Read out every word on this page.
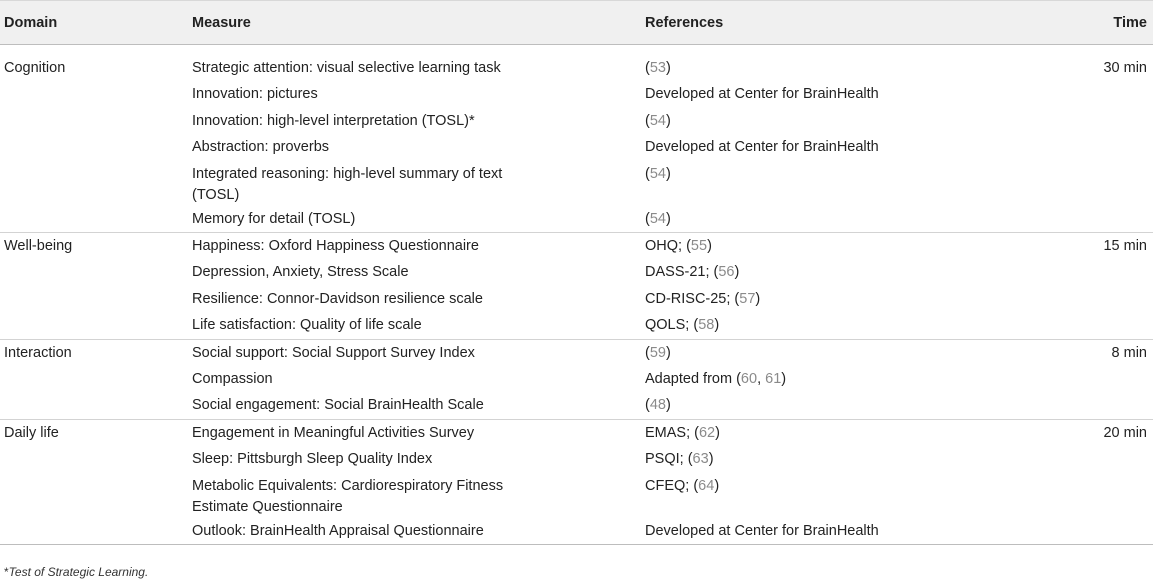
Domain	Measure	References	Time
Cognition	Strategic attention: visual selective learning task	(53)	30 min
	Innovation: pictures	Developed at Center for BrainHealth	
	Innovation: high-level interpretation (TOSL)*	(54)	
	Abstraction: proverbs	Developed at Center for BrainHealth	

	Integrated reasoning: high-level summary of text (TOSL)	(54)	
	Memory for detail (TOSL)	(54)	
Well-being	Happiness: Oxford Happiness Questionnaire	OHQ; (55)	15 min
	Depression, Anxiety, Stress Scale	DASS-21; (56)	
	Resilience: Connor-Davidson resilience scale	CD-RISC-25; (57)	
	Life satisfaction: Quality of life scale	QOLS; (58)	
Interaction	Social support: Social Support Survey Index	(59)	8 min
	Compassion	Adapted from (60, 61)	
	Social engagement: Social BrainHealth Scale	(48)	
Daily life	Engagement in Meaningful Activities Survey	EMAS; (62)	20 min
	Sleep: Pittsburgh Sleep Quality Index	PSQI; (63)	

	Metabolic Equivalents: Cardiorespiratory Fitness Estimate Questionnaire	CFEQ; (64)	
	Outlook: BrainHealth Appraisal Questionnaire	Developed at Center for BrainHealth	
*Test of Strategic Learning.
